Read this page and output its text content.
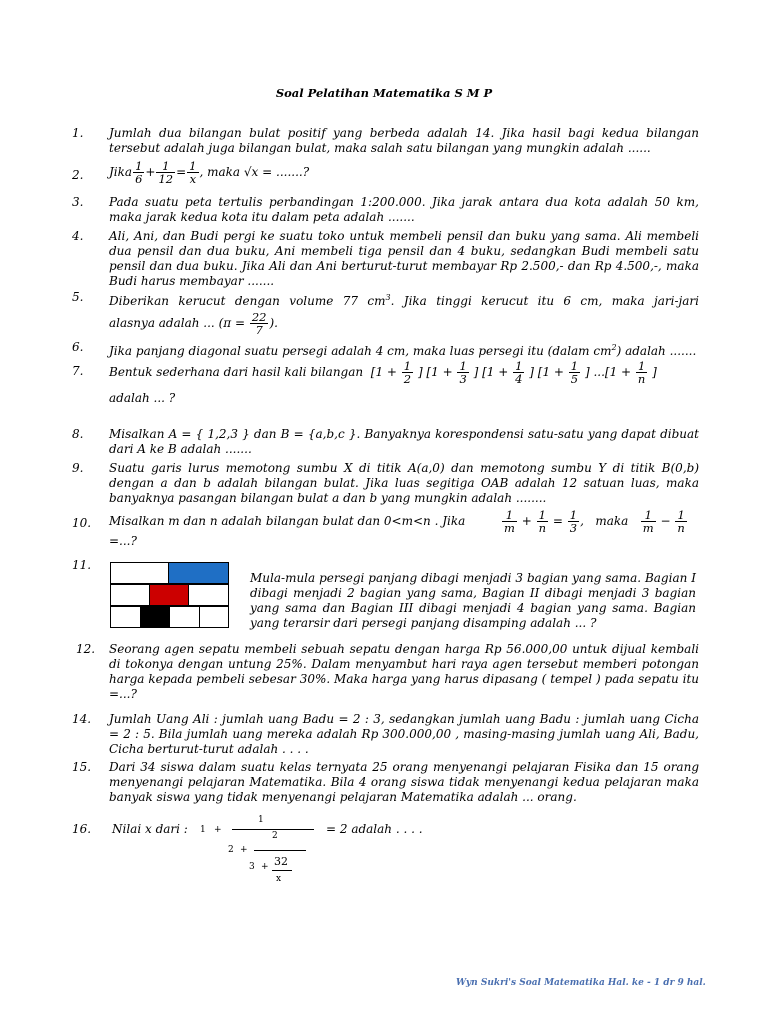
Soal Pelatihan Matematika S M P
1.	Jumlah dua bilangan bulat positif yang berbeda adalah 14. Jika hasil bagi kedua bilangan tersebut adalah juga bilangan bulat, maka salah satu bilangan yang mungkin adalah ......
2.	Jika $\frac{1}{6} + \frac{1}{12} = \frac{1}{x}$ , maka √x = .......?
3.	Pada suatu peta tertulis perbandingan 1:200.000. Jika jarak antara dua kota adalah 50 km, maka jarak kedua kota itu dalam peta adalah .......
4.	Ali, Ani, dan Budi pergi ke suatu toko untuk membeli pensil dan buku yang sama. Ali membeli dua pensil dan dua buku, Ani membeli tiga pensil dan 4 buku, sedangkan Budi membeli satu pensil dan dua buku. Jika Ali dan Ani berturut-turut membayar Rp 2.500,- dan Rp 4.500,-, maka Budi harus membayar .......
5.	Diberikan kerucut dengan volume 77 $cm^3$. Jika tinggi kerucut itu 6 cm, maka jari-jari
alasnya adalah ... ($\pi = \frac{22}{7}$ ).
6.	Jika panjang diagonal suatu persegi adalah 4 cm, maka luas persegi itu (dalam $cm^2$) adalah .......
7.	Bentuk sederhana dari hasil kali bilangan [$1 + \frac{1}{2}$ ] [$1 + \frac{1}{3}$ ] [$1 + \frac{1}{4}$ ] [$1 + \frac{1}{5}$ ] $...[1 + \frac{1}{n}$ ]
adalah ... ?
8.	Misalkan A = { 1,2,3 } dan B = {a,b,c }. Banyaknya korespondensi satu-satu yang dapat dibuat dari A ke B adalah .......
9.	Suatu garis lurus memotong sumbu X di titik A(a,0) dan memotong sumbu Y di titik B(0,b) dengan a dan b adalah bilangan bulat. Jika luas segitiga OAB adalah 12 satuan luas, maka banyaknya pasangan bilangan bulat a dan b yang mungkin adalah ........
10.	Misalkan m dan n adalah bilangan bulat dan 0<m<n . Jika	$\frac{1}{m} + \frac{1}{n} = \frac{1}{3}$ , maka $\frac{1}{m} - \frac{1}{n}$
=...?
11.
Mula-mula persegi panjang dibagi menjadi 3 bagian yang sama. Bagian I dibagi menjadi 2 bagian yang sama, Bagian II dibagi menjadi 3 bagian yang sama dan Bagian III dibagi menjadi 4 bagian yang sama. Bagian yang terarsir dari persegi panjang disamping adalah ... ?
12.	Seorang agen sepatu membeli sebuah sepatu dengan harga Rp 56.000,00 untuk dijual kembali di tokonya dengan untung 25%. Dalam menyambut hari raya agen tersebut memberi potongan harga kepada pembeli sebesar 30%. Maka harga yang harus dipasang ( tempel ) pada sepatu itu =...?
14.	Jumlah Uang Ali : jumlah uang Badu = 2 : 3, sedangkan jumlah uang Badu : jumlah uang Cicha = 2 : 5. Bila jumlah uang mereka adalah Rp 300.000,00 , masing-masing jumlah uang Ali, Badu, Cicha berturut-turut adalah . . . .
15.	Dari 34 siswa dalam suatu kelas ternyata 25 orang menyenangi pelajaran Fisika dan 15 orang menyenangi pelajaran Matematika. Bila 4 orang siswa tidak menyenangi kedua pelajaran maka banyak siswa yang tidak menyenangi pelajaran Matematika adalah ... orang.
16.	Nilai x dari : 1 +
1
2
2 +
3 + 32
x
= 2 adalah . . . .
Wyn Sukri's Soal Matematika Hal. ke - 1 dr 9 hal.
